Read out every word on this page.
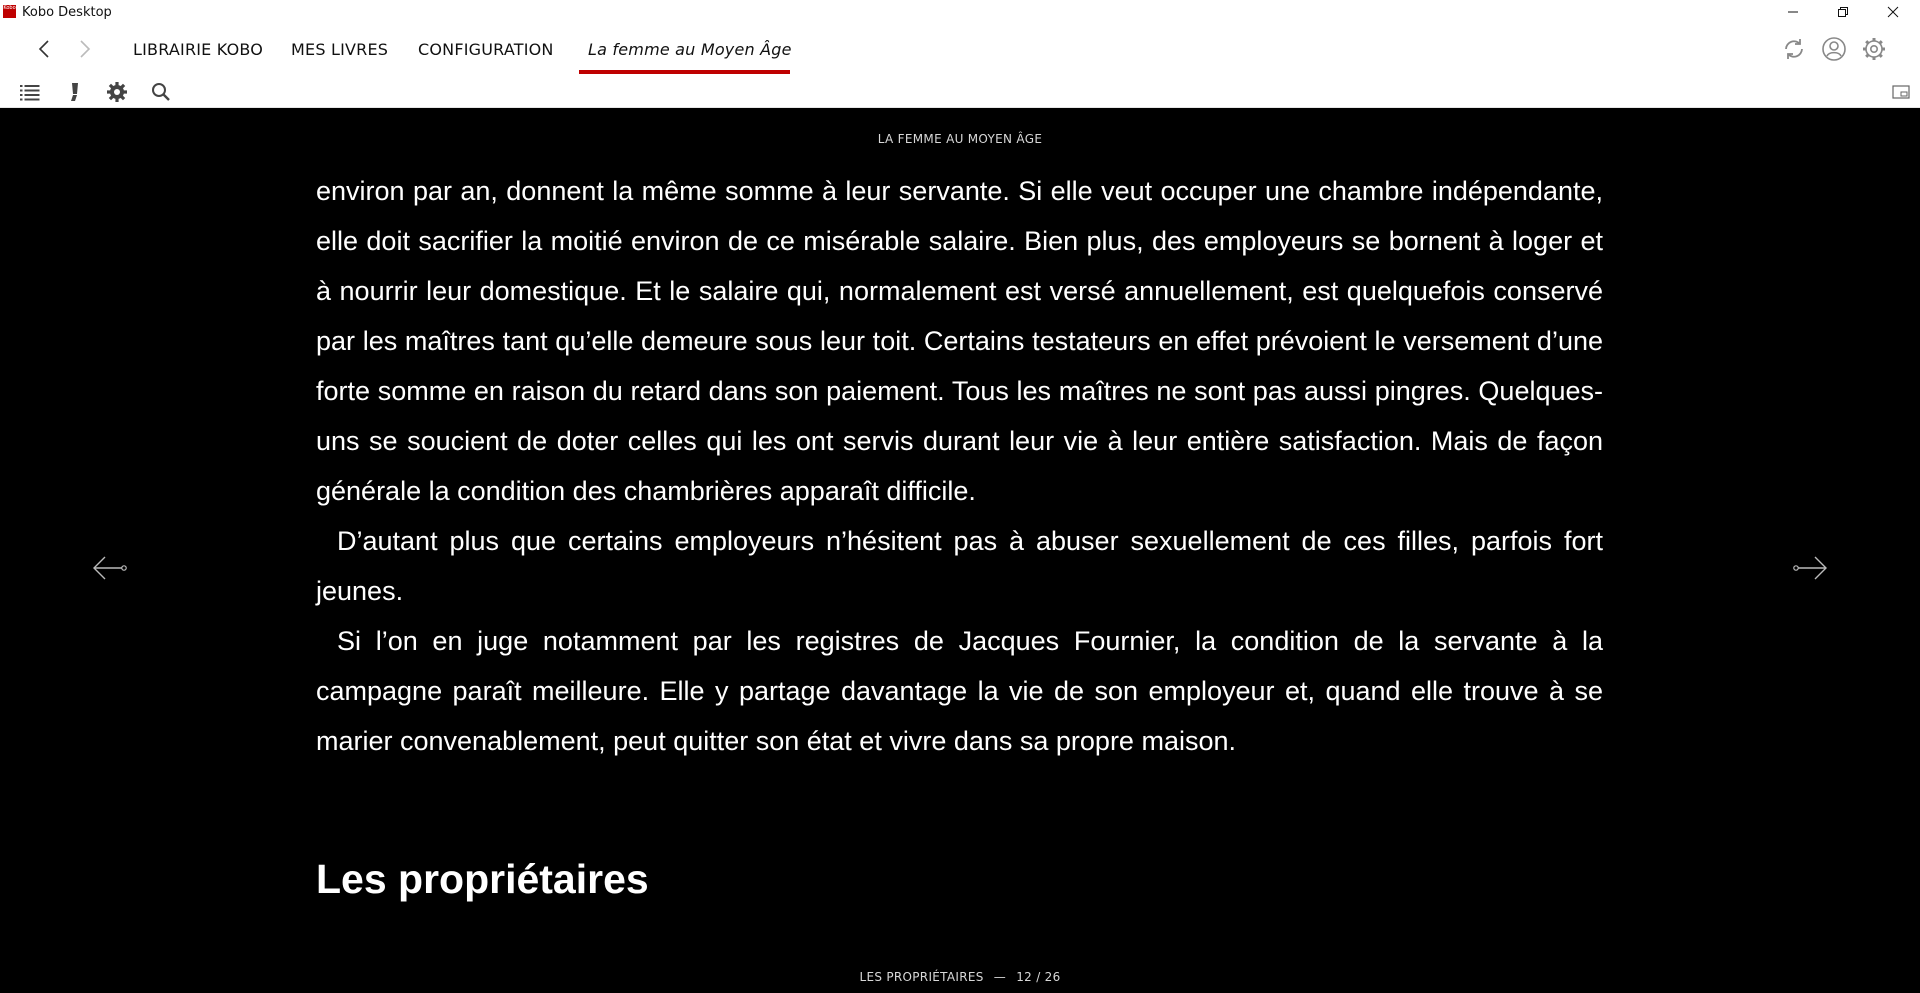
Kobo Kobo Desktop
LIBRAIRIE KOBO MES LIVRES CONFIGURATION La femme au Moyen Âge
LA FEMME AU MOYEN ÂGE

environ par an, donnent la même somme à leur servante. Si elle veut occuper une chambre indépendante, elle doit sacrifier la moitié environ de ce misérable salaire. Bien plus, des employeurs se bornent à loger et à nourrir leur domestique. Et le salaire qui, normalement est versé annuellement, est quelquefois conservé par les maîtres tant qu’elle demeure sous leur toit. Certains testateurs en effet prévoient le versement d’une forte somme en raison du retard dans son paiement. Tous les maîtres ne sont pas aussi pingres. Quelques-uns se soucient de doter celles qui les ont servis durant leur vie à leur entière satisfaction. Mais de façon générale la condition des chambrières apparaît difficile.

D’autant plus que certains employeurs n’hésitent pas à abuser sexuellement de ces filles, parfois fort jeunes.

Si l’on en juge notamment par les registres de Jacques Fournier, la condition de la servante à la campagne paraît meilleure. Elle y partage davantage la vie de son employeur et, quand elle trouve à se marier convenablement, peut quitter son état et vivre dans sa propre maison.

Les propriétaires
LES PROPRIÉTAIRES — 12 / 26
